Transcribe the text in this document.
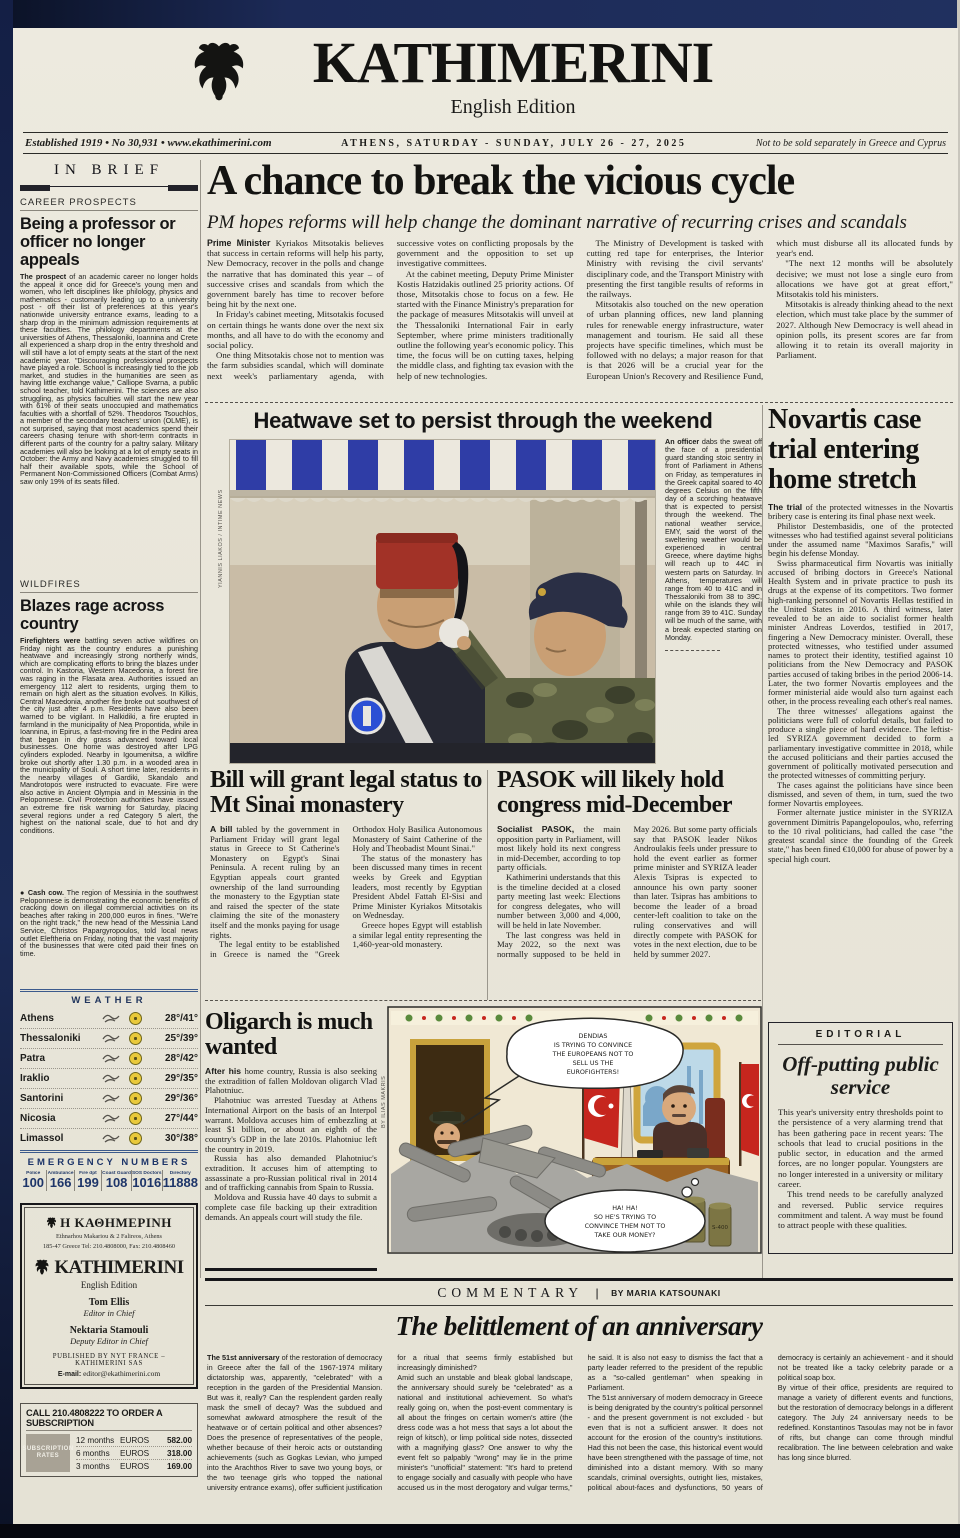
KATHIMERINI
English Edition
Established 1919 • No 30,931 • www.ekathimerini.com	ATHENS, SATURDAY - SUNDAY, JULY 26 - 27, 2025	Not to be sold separately in Greece and Cyprus
IN BRIEF
CAREER PROSPECTS
Being a professor or officer no longer appeals

The prospect of an academic career no longer holds the appeal it once did for Greece's young men and women, who left disciplines like philology, physics and mathematics - customarily leading up to a university post - off their list of preferences at this year's nationwide university entrance exams, leading to a sharp drop in the minimum admission requirements at these faculties. The philology departments at the universities of Athens, Thessaloniki, Ioannina and Crete all experienced a sharp drop in the entry threshold and will still have a lot of empty seats at the start of the next academic year. "Discouraging professional prospects have played a role. School is increasingly tied to the job market, and studies in the humanities are seen as having little exchange value," Calliope Svarna, a public school teacher, told Kathimerini. The sciences are also struggling, as physics faculties will start the new year with 61% of their seats unoccupied and mathematics faculties with a shortfall of 52%. Theodoros Tsouchlos, a member of the secondary teachers' union (OLME), is not surprised, saying that most academics spend their careers chasing tenure with short-term contracts in different parts of the country for a paltry salary. Military academies will also be looking at a lot of empty seats in October: the Army and Navy academies struggled to fill half their available spots, while the School of Permanent Non-Commissioned Officers (Combat Arms) saw only 19% of its seats filled.

WILDFIRES
Blazes rage across country

Firefighters were battling seven active wildfires on Friday night as the country endures a punishing heatwave and increasingly strong northerly winds, which are complicating efforts to bring the blazes under control. In Kastoria, Western Macedonia, a forest fire was raging in the Flasata area. Authorities issued an emergency 112 alert to residents, urging them to remain on high alert as the situation evolves. In Kilkis, Central Macedonia, another fire broke out southwest of the city just after 4 p.m. Residents have also been warned to be vigilant. In Halkidiki, a fire erupted in farmland in the municipality of Nea Propontida, while in Ioannina, in Epirus, a fast-moving fire in the Pedini area that began in dry grass advanced toward local businesses. One home was destroyed after LPG cylinders exploded. Nearby in Igoumenitsa, a wildfire broke out shortly after 1.30 p.m. in a wooded area in the municipality of Souli. A short time later, residents in the nearby villages of Gardiki, Skandalo and Mandrotopos were instructed to evacuate. Fire were also active in Ancient Olympia and in Messinia in the Peloponnese. Civil Protection authorities have issued an extreme fire risk warning for Saturday, placing several regions under a red Category 5 alert, the highest on the national scale, due to hot and dry conditions.

● Cash cow. The region of Messinia in the southwest Peloponnese is demonstrating the economic benefits of cracking down on illegal commercial activities on its beaches after raking in 200,000 euros in fines. "We're on the right track," the new head of the Messinia Land Service, Christos Papargyropoulos, told local news outlet Eleftheria on Friday, noting that the vast majority of the businesses that were cited paid their fines on time.

WEATHER
Athens	28°/41°
Thessaloniki	25°/39°
Patra	28°/42°
Iraklio	29°/35°
Santorini	29°/36°
Nicosia	27°/44°
Limassol	30°/38°
EMERGENCY NUMBERS
Police
100
Ambulance
166
Fire dpt
199
Coast Guard
108
SOS Doctors
1016
Directory
11888
Η ΚΑΘΗΜΕΡΙΝΗ
Ethnarhou Makariou & 2 Falireos, Athens
185-47 Greece Tel: 210.4808000, Fax: 210.4808460
KATHIMERINI
English Edition
Tom Ellis
Editor in Chief
Nektaria Stamouli
Deputy Editor in Chief
PUBLISHED BY NYT FRANCE – KATHIMERINI SAS
E-mail: editor@ekathimerini.com
CALL 210.4808222 TO ORDER A SUBSCRIPTION
SUBSCRIPTION RATES
12 months EUROS	582.00
6 months	EUROS	318.00
3 months	EUROS	169.00
A chance to break the vicious cycle
PM hopes reforms will help change the dominant narrative of recurring crises and scandals

Prime Minister Kyriakos Mitsotakis believes that success in certain reforms will help his party, New Democracy, recover in the polls and change the narrative that has dominated this year – of successive crises and scandals from which the government barely has time to recover before being hit by the next one.

In Friday's cabinet meeting, Mitsotakis focused on certain things he wants done over the next six months, and all have to do with the economy and social policy.

One thing Mitsotakis chose not to mention was the farm subsidies scandal, which will dominate next week's parliamentary agenda, with successive votes on conflicting proposals by the government and the opposition to set up investigative committees.

At the cabinet meeting, Deputy Prime Minister Kostis Hatzidakis outlined 25 priority actions. Of those, Mitsotakis chose to focus on a few. He started with the Finance Ministry's preparation for the package of measures Mitsotakis will unveil at the Thessaloniki International Fair in early September, where prime ministers traditionally outline the following year's economic policy. This time, the focus will be on cutting taxes, helping the middle class, and fighting tax evasion with the help of new technologies.

The Ministry of Development is tasked with cutting red tape for enterprises, the Interior Ministry with revising the civil servants' disciplinary code, and the Transport Ministry with presenting the first tangible results of reforms in the railways.

Mitsotakis also touched on the new operation of urban planning offices, new land planning rules for renewable energy infrastructure, water management and tourism. He said all these projects have specific timelines, which must be followed with no delays; a major reason for that is that 2026 will be a crucial year for the European Union's Recovery and Resilience Fund, which must disburse all its allocated funds by year's end.

"The next 12 months will be absolutely decisive; we must not lose a single euro from allocations we have got at great effort," Mitsotakis told his ministers.

Mitsotakis is already thinking ahead to the next election, which must take place by the summer of 2027. Although New Democracy is well ahead in opinion polls, its present scores are far from allowing it to retain its overall majority in Parliament.

Heatwave set to persist through the weekend
YIANNIS LIAKOS / INTIME NEWS

An officer dabs the sweat off the face of a presidential guard standing stoic sentry in front of Parliament in Athens on Friday, as temperatures in the Greek capital soared to 40 degrees Celsius on the fifth day of a scorching heatwave that is expected to persist through the weekend. The national weather service, EMY, said the worst of the sweltering weather would be experienced in central Greece, where daytime highs will reach up to 44C in western parts on Saturday. In Athens, temperatures will range from 40 to 41C and in Thessaloniki from 38 to 39C, while on the islands they will range from 39 to 41C. Sunday will be much of the same, with a break expected starting on Monday.

Novartis case trial entering home stretch

The trial of the protected witnesses in the Novartis bribery case is entering its final phase next week.

Philistor Destembasidis, one of the protected witnesses who had testified against several politicians under the assumed name "Maximos Sarafis," will begin his defense Monday.

Swiss pharmaceutical firm Novartis was initially accused of bribing doctors in Greece's National Health System and in private practice to push its drugs at the expense of its competitors. Two former high-ranking personnel of Novartis Hellas testified in the United States in 2016. A third witness, later revealed to be an aide to socialist former health minister Andreas Loverdos, testified in 2017, fingering a New Democracy minister. Overall, these protected witnesses, who testified under assumed names to protect their identity, testified against 10 politicians from the New Democracy and PASOK parties accused of taking bribes in the period 2006-14. Later, the two former Novartis employees and the former ministerial aide would also turn against each other, in the process revealing each other's real names.

The three witnesses' allegations against the politicians were full of colorful details, but failed to produce a single piece of hard evidence. The leftist-led SYRIZA government decided to form a parliamentary investigative committee in 2018, while the accused politicians and their parties accused the government of politically motivated persecution and the protected witnesses of committing perjury.

The cases against the politicians have since been dismissed, and seven of them, in turn, sued the two former Novartis employees.

Former alternate justice minister in the SYRIZA government Dimitris Papangelopoulos, who, referring to the 10 rival politicians, had called the case "the greatest scandal since the founding of the Greek state," has been fined €10,000 for abuse of power by a special high court.

EDITORIAL
Off-putting public service

This year's university entry thresholds point to the persistence of a very alarming trend that has been gathering pace in recent years: The schools that lead to crucial positions in the public sector, in education and the armed forces, are no longer popular. Youngsters are no longer interested in a university or military career.

This trend needs to be carefully analyzed and reversed. Public service requires commitment and talent. A way must be found to attract people with these qualities.

Bill will grant legal status to Mt Sinai monastery

A bill tabled by the government in Parliament Friday will grant legal status in Greece to St Catherine's Monastery on Egypt's Sinai Peninsula. A recent ruling by an Egyptian appeals court granted ownership of the land surrounding the monastery to the Egyptian state and raised the specter of the state claiming the site of the monastery itself and the monks paying for usage rights.

The legal entity to be established in Greece is named the "Greek Orthodox Holy Basilica Autonomous Monastery of Saint Catherine of the Holy and Theobadist Mount Sinai."

The status of the monastery has been discussed many times in recent weeks by Greek and Egyptian leaders, most recently by Egyptian President Abdel Fattah El-Sisi and Prime Minister Kyriakos Mitsotakis on Wednesday.

Greece hopes Egypt will establish a similar legal entity representing the 1,460-year-old monastery.

PASOK will likely hold congress mid-December

Socialist PASOK, the main opposition party in Parliament, will most likely hold its next congress in mid-December, according to top party officials.

Kathimerini understands that this is the timeline decided at a closed party meeting last week: Elections for congress delegates, who will number between 3,000 and 4,000, will be held in late November.

The last congress was held in May 2022, so the next was normally supposed to be held in May 2026. But some party officials say that PASOK leader Nikos Androulakis feels under pressure to hold the event earlier as former prime minister and SYRIZA leader Alexis Tsipras is expected to announce his own party sooner than later. Tsipras has ambitions to become the leader of a broad center-left coalition to take on the ruling conservatives and will directly compete with PASOK for votes in the next election, due to be held by summer 2027.

Oligarch is much wanted

After his home country, Russia is also seeking the extradition of fallen Moldovan oligarch Vlad Plahotniuc.

Plahotniuc was arrested Tuesday at Athens International Airport on the basis of an Interpol warrant. Moldova accuses him of embezzling at least $1 billion, or about an eighth of the country's GDP in the late 2010s. Plahotniuc left the country in 2019.

Russia has also demanded Plahotniuc's extradition. It accuses him of attempting to assassinate a pro-Russian political rival in 2014 and of trafficking cannabis from Spain to Russia.

Moldova and Russia have 40 days to submit a complete case file backing up their extradition demands. An appeals court will study the file.

S-400
DENDIAS
IS TRYING TO CONVINCE
THE EUROPEANS NOT TO
SELL US THE
EUROFIGHTERS!
HA! HA!
SO HE'S TRYING TO
CONVINCE THEM NOT TO
TAKE OUR MONEY?
BY ILIAS MAKRIS
COMMENTARY | BY MARIA KATSOUNAKI
The belittlement of an anniversary

The 51st anniversary of the restoration of democracy in Greece after the fall of the 1967-1974 military dictatorship was, apparently, "celebrated" with a reception in the garden of the Presidential Mansion. But was it, really? Can the resplendent garden really mask the smell of decay? Was the subdued and somewhat awkward atmosphere the result of the heatwave or of certain political and other absences? Does the presence of representatives of the people, whether because of their heroic acts or outstanding achievements (such as Gogkas Levian, who jumped into the Arachthos River to save two young boys, or the two teenage girls who topped the national university entrance exams), offer sufficient justification for a ritual that seems firmly established but increasingly diminished?

Amid such an unstable and bleak global landscape, the anniversary should surely be "celebrated" as a national and institutional achievement. So what's really going on, when the post-event commentary is all about the fringes on certain women's attire (the dress code was a hot mess that says a lot about the reign of kitsch), or limp political side notes, dissected with a magnifying glass? One answer to why the event felt so palpably "wrong" may lie in the prime minister's "unofficial" statement: "It's hard to pretend to engage socially and casually with people who have accused us in the most derogatory and vulgar terms," he said. It is also not easy to dismiss the fact that a party leader referred to the president of the republic as a "so-called gentleman" when speaking in Parliament.

The 51st anniversary of modern democracy in Greece is being denigrated by the country's political personnel - and the present government is not excluded - but even that is not a sufficient answer. It does not account for the erosion of the country's institutions. Had this not been the case, this historical event would have been strengthened with the passage of time, not diminished into a distant memory. With so many scandals, criminal oversights, outright lies, mistakes, political about-faces and dysfunctions, 50 years of democracy is certainly an achievement - and it should not be treated like a tacky celebrity parade or a political soap box.

By virtue of their office, presidents are required to manage a variety of different events and functions, but the restoration of democracy belongs in a different category. The July 24 anniversary needs to be redefined. Konstantinos Tasoulas may not be in favor of rifts, but change can come through mindful recalibration. The line between celebration and wake has long since blurred.
